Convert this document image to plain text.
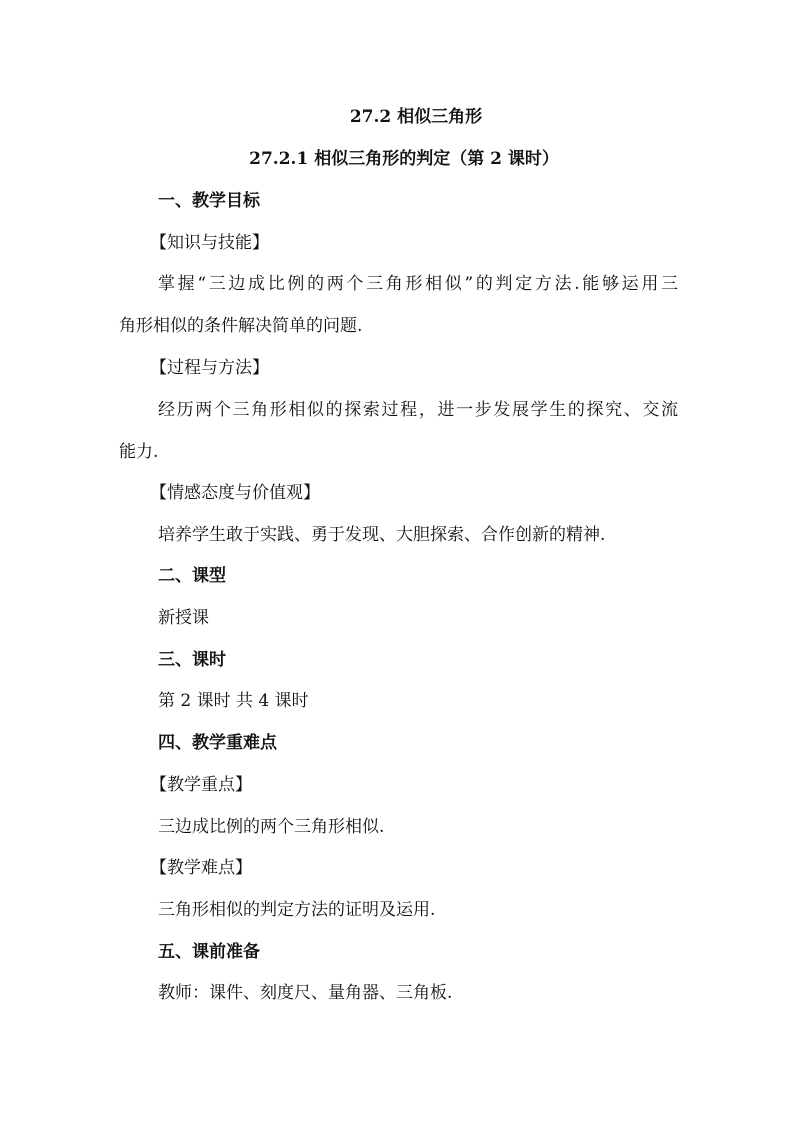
27.2 相似三角形
27.2.1 相似三角形的判定（第 2 课时）
一、教学目标
【知识与技能】
掌握“三边成比例的两个三角形相似”的判定方法.能够运用三
角形相似的条件解决简单的问题.
【过程与方法】
经历两个三角形相似的探索过程，进一步发展学生的探究、交流
能力.
【情感态度与价值观】
培养学生敢于实践、勇于发现、大胆探索、合作创新的精神.
二、课型
新授课
三、课时
第 2 课时 共 4 课时
四、教学重难点
【教学重点】
三边成比例的两个三角形相似.
【教学难点】
三角形相似的判定方法的证明及运用.
五、课前准备
教师：课件、刻度尺、量角器、三角板.
